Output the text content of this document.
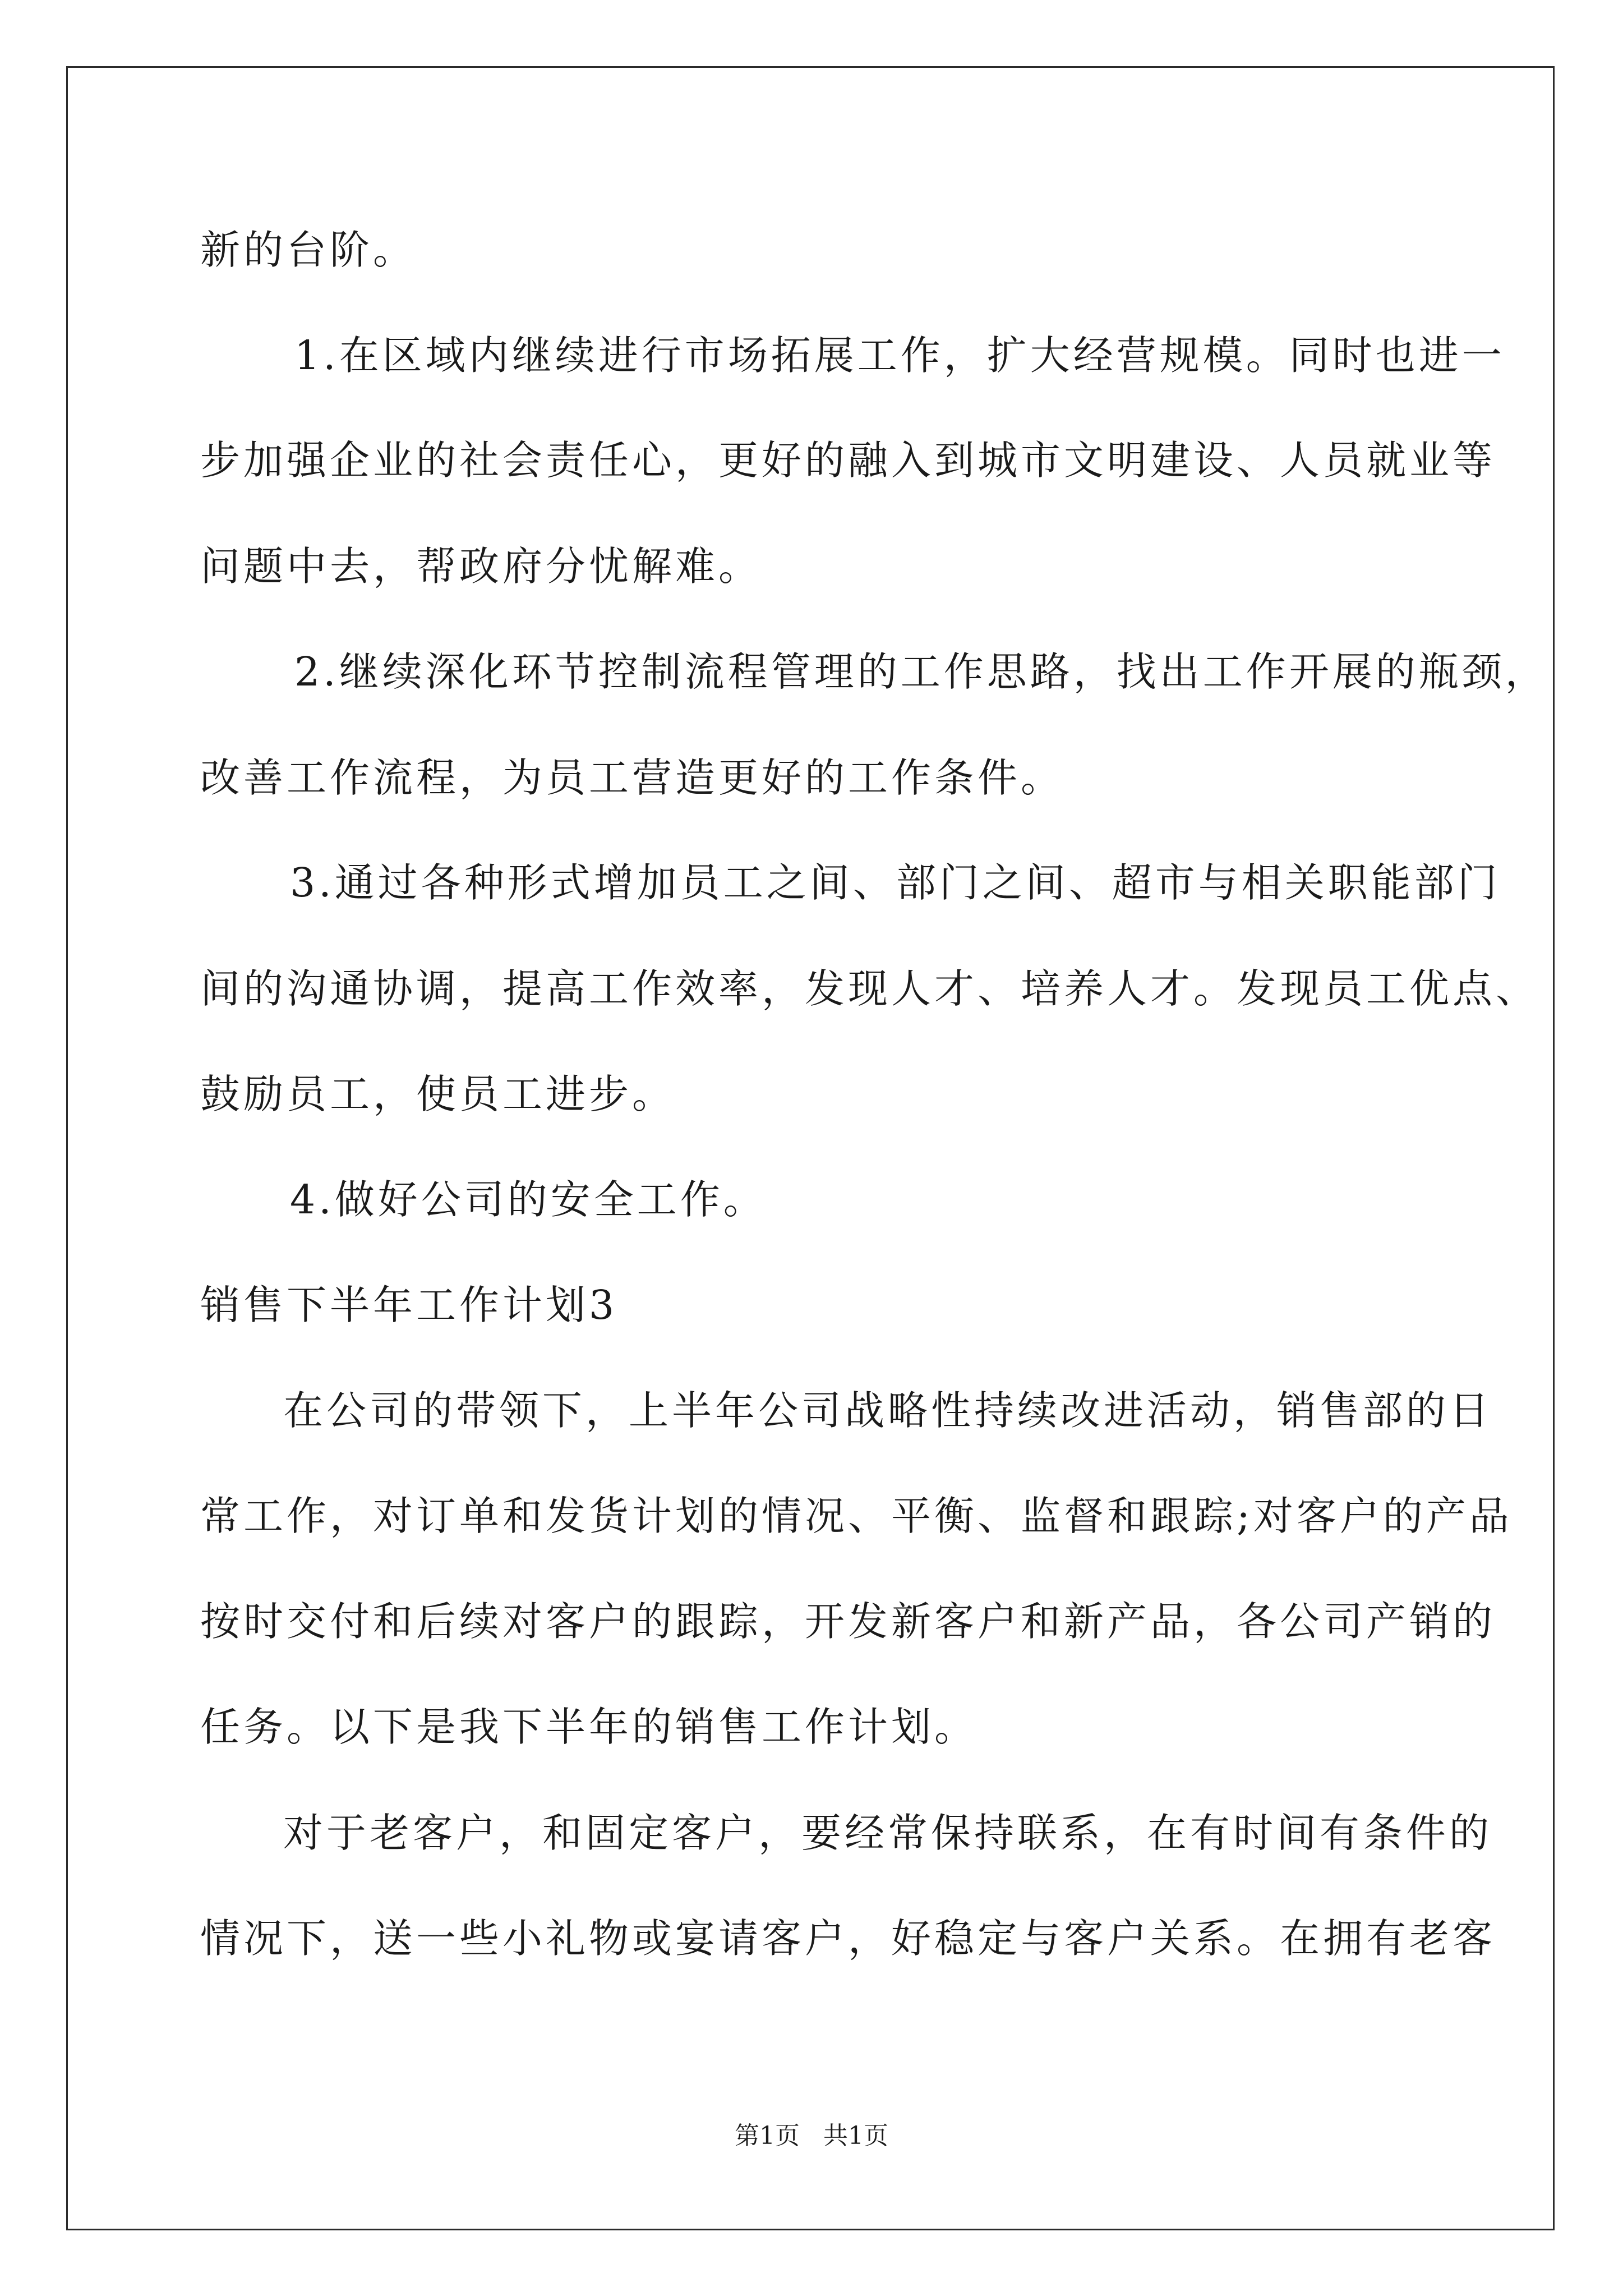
新的台阶。
1.在区域内继续进行市场拓展工作，扩大经营规模。同时也进一
步加强企业的社会责任心，更好的融入到城市文明建设、人员就业等
问题中去，帮政府分忧解难。
2.继续深化环节控制流程管理的工作思路，找出工作开展的瓶颈，
改善工作流程，为员工营造更好的工作条件。
3.通过各种形式增加员工之间、部门之间、超市与相关职能部门
间的沟通协调，提高工作效率，发现人才、培养人才。发现员工优点、
鼓励员工，使员工进步。
4.做好公司的安全工作。
销售下半年工作计划3
在公司的带领下，上半年公司战略性持续改进活动，销售部的日
常工作，对订单和发货计划的情况、平衡、监督和跟踪;对客户的产品
按时交付和后续对客户的跟踪，开发新客户和新产品，各公司产销的
任务。以下是我下半年的销售工作计划。
对于老客户，和固定客户，要经常保持联系，在有时间有条件的
情况下，送一些小礼物或宴请客户，好稳定与客户关系。在拥有老客
第1页   共1页
